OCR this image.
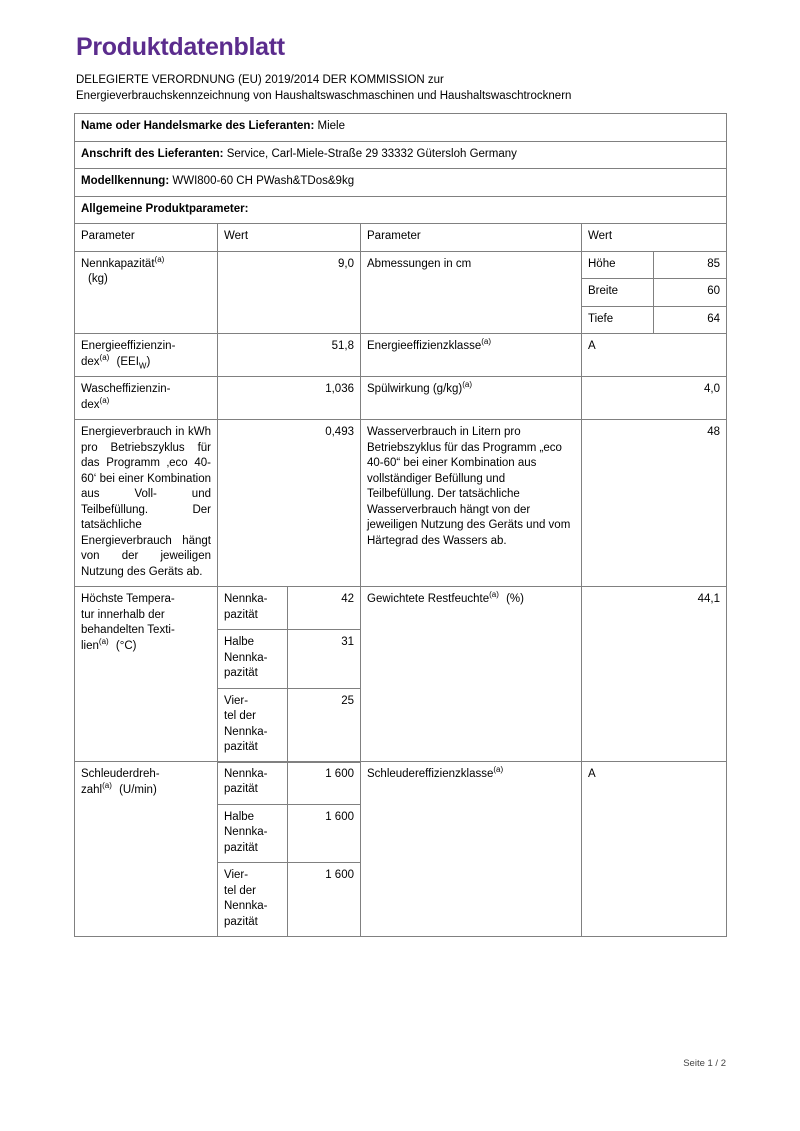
Produktdatenblatt
DELEGIERTE VERORDNUNG (EU) 2019/2014 DER KOMMISSION zur
Energieverbrauchskennzeichnung von Haushaltswaschmaschinen und Haushaltswaschtrocknern
Name oder Handelsmarke des Lieferanten: Miele
Anschrift des Lieferanten: Service, Carl-Miele-Straße 29 33332 Gütersloh Germany
Modellkennung: WWI800-60 CH PWash&TDos&9kg
Allgemeine Produktparameter:
Parameter	Wert	Parameter	Wert
Nennkapazität$^{(a)}$
(kg)	9,0	Abmessungen in cm		Höhe	85
Breite	60
Tiefe	64

Energieeffizienzin-
dex$^{(a)}$ $(EEI_W)$	51,8	Energieeffizienzklasse$^{(a)}$	A
Wascheffizienzin-
dex$^{(a)}$	1,036	Spülwirkung $(g/kg)^{(a)}$	4,0
Energieverbrauch in kWh pro Betriebszyklus für das Programm ‚eco 40-60‘ bei einer Kombination aus Voll- und Teilbefüllung. Der tatsächliche Energieverbrauch hängt von der jeweiligen Nutzung des Geräts ab.	0,493	Wasserverbrauch in Litern pro Betriebszyklus für das Programm „eco 40-60“ bei einer Kombination aus vollständiger Befüllung und Teilbefüllung. Der tatsächliche Wasserverbrauch hängt von der jeweiligen Nutzung des Geräts und vom Härtegrad des Wassers ab.	48
Höchste Tempera-
tur innerhalb der
behandelten Texti-
lien$^{(a)}$ (°C)	
Nennka-
pazität	42
Halbe
Nennka-
pazität	31
Vier-
tel der
Nennka-
pazität	25
	Gewichtete Restfeuchte$^{(a)}$ (%)	44,1
Schleuderdreh-
zahl$^{(a)}$ (U/min)	
Nennka-
pazität	1 600
Halbe
Nennka-
pazität	1 600
Vier-
tel der
Nennka-
pazität	1 600
	Schleudereffizienzklasse$^{(a)}$	A
Seite 1 / 2
